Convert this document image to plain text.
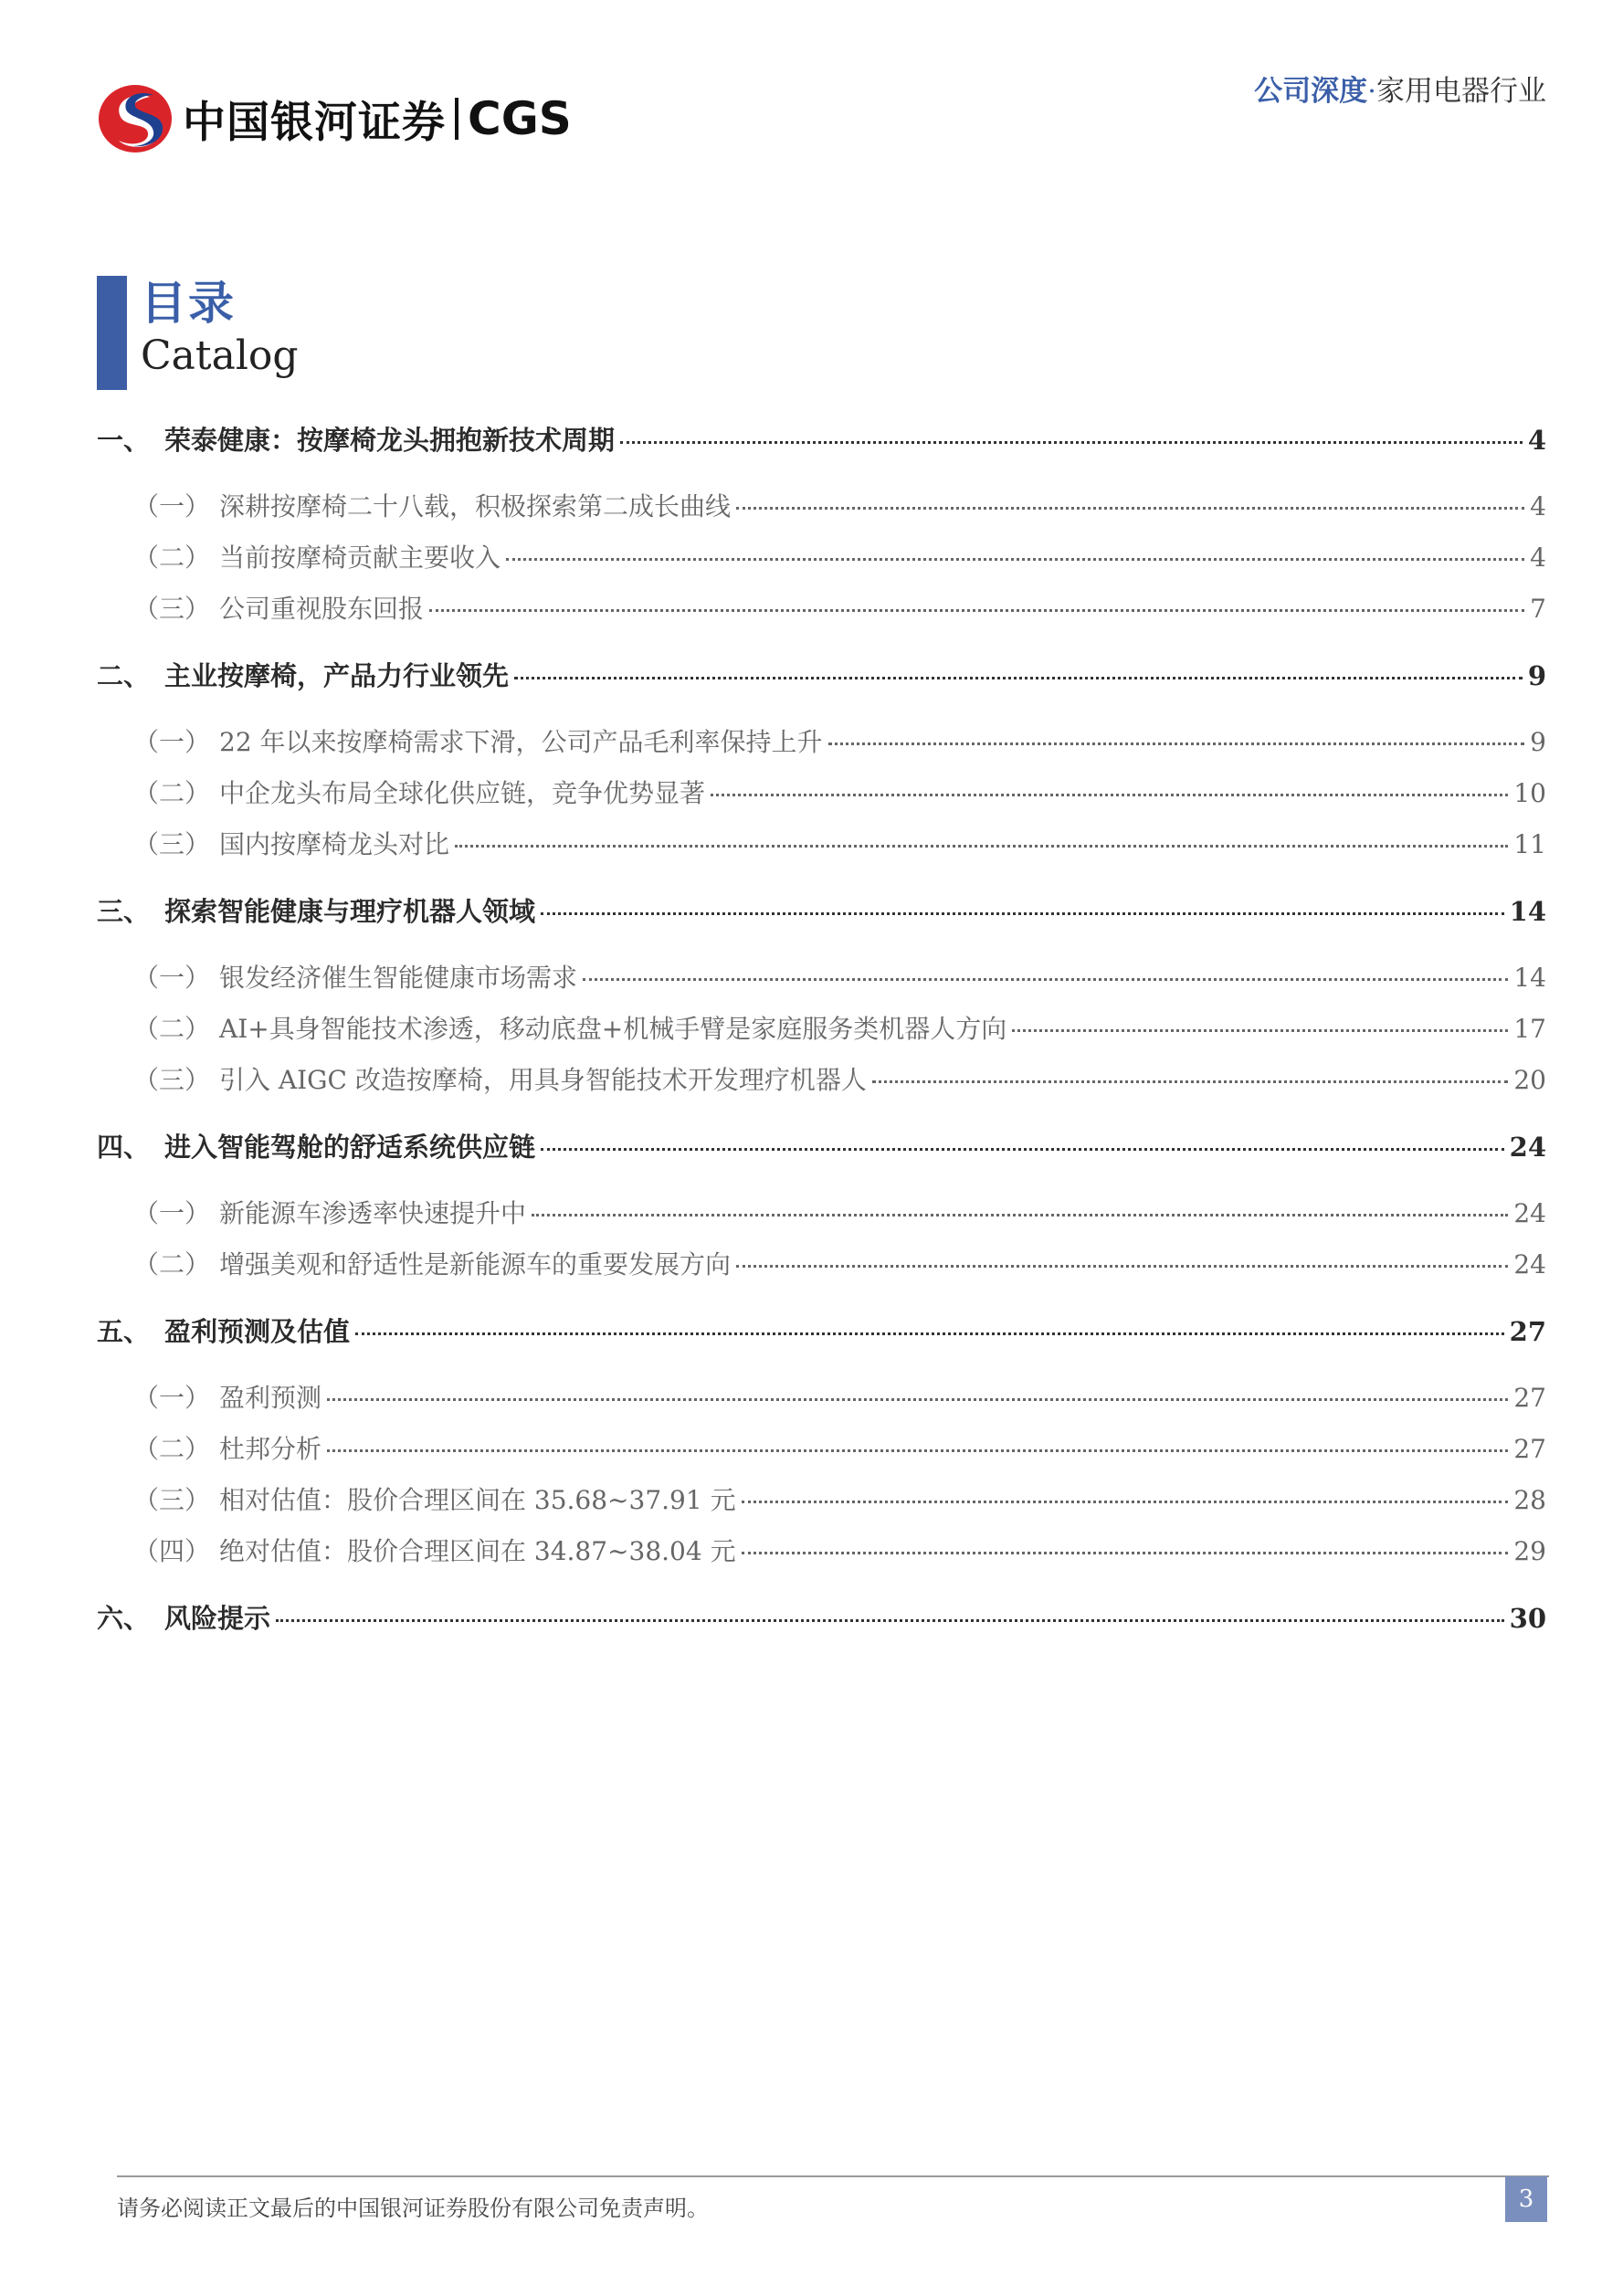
中国银河证券 CGS
公司深度·家用电器行业
目录
Catalog
一、 荣泰健康：按摩椅龙头拥抱新技术周期	4
（一） 深耕按摩椅二十八载，积极探索第二成长曲线	4
（二） 当前按摩椅贡献主要收入	4
（三） 公司重视股东回报	7
二、 主业按摩椅，产品力行业领先	9
（一） 22 年以来按摩椅需求下滑，公司产品毛利率保持上升	9
（二） 中企龙头布局全球化供应链，竞争优势显著	10
（三） 国内按摩椅龙头对比	11
三、 探索智能健康与理疗机器人领域	14
（一） 银发经济催生智能健康市场需求	14
（二） AI+具身智能技术渗透，移动底盘+机械手臂是家庭服务类机器人方向	17
（三） 引入 AIGC 改造按摩椅，用具身智能技术开发理疗机器人	20
四、 进入智能驾舱的舒适系统供应链	24
（一） 新能源车渗透率快速提升中	24
（二） 增强美观和舒适性是新能源车的重要发展方向	24
五、 盈利预测及估值	27
（一） 盈利预测	27
（二） 杜邦分析	27
（三） 相对估值：股价合理区间在 35.68~37.91 元	28
（四） 绝对估值：股价合理区间在 34.87~38.04 元	29
六、 风险提示	30
请务必阅读正文最后的中国银河证券股份有限公司免责声明。	3
